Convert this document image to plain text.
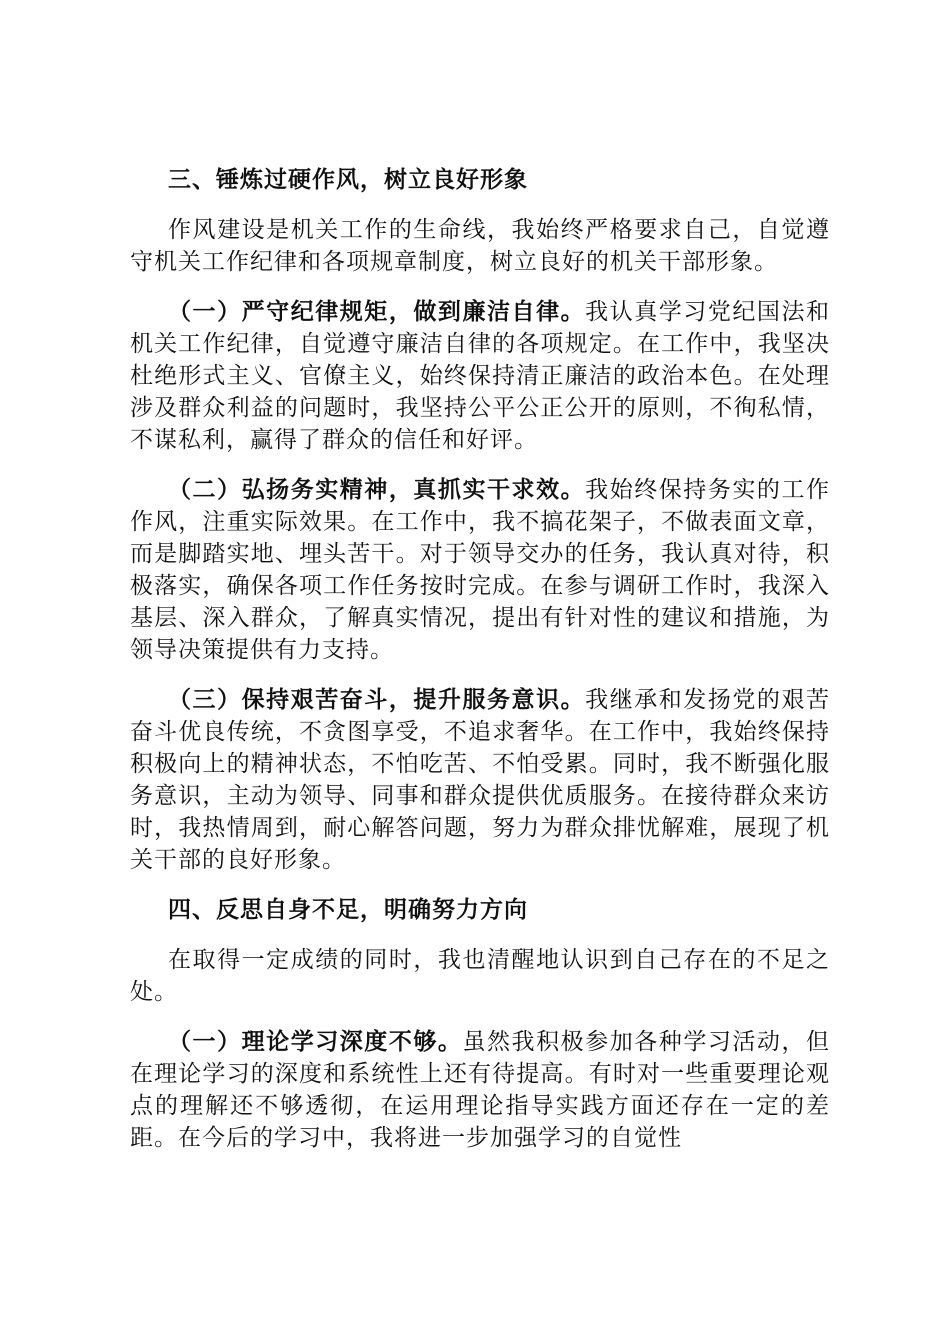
三、锤炼过硬作风，树立良好形象

作风建设是机关工作的生命线，我始终严格要求自己，自觉遵守机关工作纪律和各项规章制度，树立良好的机关干部形象。

（一）严守纪律规矩，做到廉洁自律。我认真学习党纪国法和机关工作纪律，自觉遵守廉洁自律的各项规定。在工作中，我坚决杜绝形式主义、官僚主义，始终保持清正廉洁的政治本色。在处理涉及群众利益的问题时，我坚持公平公正公开的原则，不徇私情，不谋私利，赢得了群众的信任和好评。

（二）弘扬务实精神，真抓实干求效。我始终保持务实的工作作风，注重实际效果。在工作中，我不搞花架子，不做表面文章，而是脚踏实地、埋头苦干。对于领导交办的任务，我认真对待，积极落实，确保各项工作任务按时完成。在参与调研工作时，我深入基层、深入群众，了解真实情况，提出有针对性的建议和措施，为领导决策提供有力支持。

（三）保持艰苦奋斗，提升服务意识。我继承和发扬党的艰苦奋斗优良传统，不贪图享受，不追求奢华。在工作中，我始终保持积极向上的精神状态，不怕吃苦、不怕受累。同时，我不断强化服务意识，主动为领导、同事和群众提供优质服务。在接待群众来访时，我热情周到，耐心解答问题，努力为群众排忧解难，展现了机关干部的良好形象。

四、反思自身不足，明确努力方向

在取得一定成绩的同时，我也清醒地认识到自己存在的不足之处。

（一）理论学习深度不够。虽然我积极参加各种学习活动，但在理论学习的深度和系统性上还有待提高。有时对一些重要理论观点的理解还不够透彻，在运用理论指导实践方面还存在一定的差距。在今后的学习中，我将进一步加强学习的自觉性
